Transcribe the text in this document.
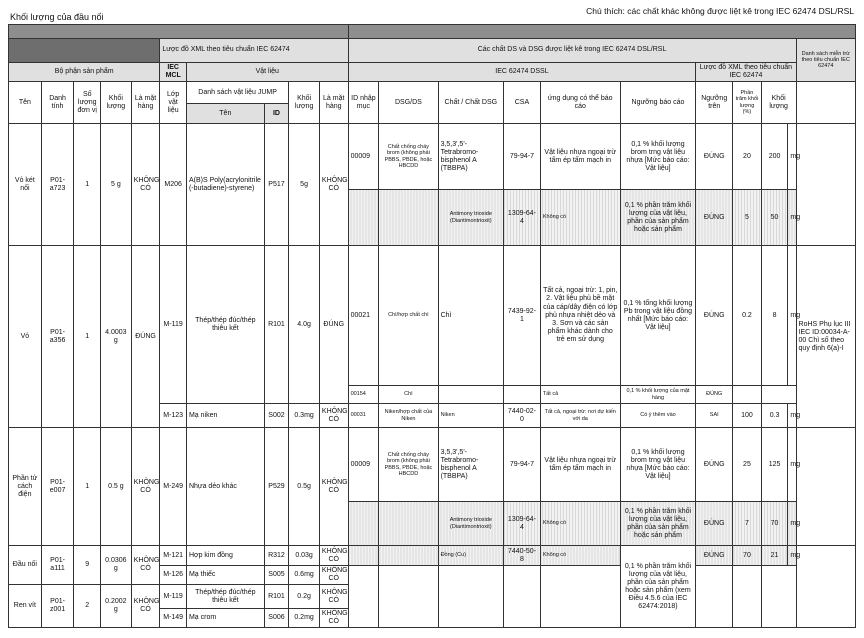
Khối lượng của đầu nối
Chú thích: các chất khác không được liệt kê trong IEC 62474 DSL/RSL

					Lược đồ XML theo tiêu chuẩn IEC 62474					Các chất DS và DSG được liệt kê trong IEC 62474 DSL/RSL										Danh sách miễn trừ theo tiêu chuẩn IEC 62474
Bộ phận sản phẩm					IEC MCL	Vật liệu				IEC 62474 DSSL						Lược đồ XML theo tiêu chuẩn IEC 62474				
Tên	Danh tính	Số lượng đơn vị	Khối lượng	Là mặt hàng	Lớp vật liệu	Danh sách vật liệu JUMP		Khối lượng	Là mặt hàng	ID nhập mục	DSG/DS	Chất / Chất DSG	CSA	ứng dụng có thể báo cáo	Ngưỡng báo cáo	Ngưỡng trên	Phần trăm khối lượng (%)	Khối lượng		
						Tên	ID													
Vỏ két nối	P01-a723	1	5 g	KHÔNG CÓ	M206	A(B)S Poly(acrylonitrile (-butadiene)-styrene)	P517	5g	KHÔNG CÓ	00009	Chất chống cháy brom (không phải PBBS, PBDE, hoặc HBCDD	3,5,3',5'-Tetrabromo-bisphenol A (TBBPA)	79-94-7	Vật liệu nhựa ngoại trừ tấm ép tấm mạch in	0,1 % khối lượng brom trng vật liệu nhựa [Mức báo cáo: Vật liệu]	ĐÚNG	20	200	mg	
												Antimony trioxide (Diantimontrioxit)	1309-64-4	Không có	0,1 % phần trăm khối lượng của vật liệu, phần của sản phẩm hoặc sản phẩm	ĐÚNG	5	50	mg	
Vỏ	P01-a356	1	4.0003 g	ĐÚNG	M-119	Thép/thép đúc/thép thiêu kết	R101	4.0g	ĐÚNG	00021	Chì/hợp chất chì	Chì	7439-92-1	Tất cả, ngoại trừ: 1, pin, 2. Vật liệu phủ bề mặt của cáp/dây điện có lớp phủ nhựa nhiệt dẻo và 3. Sơn và các sản phẩm khác dành cho trẻ em sử dụng	0,1 % tổng khối lượng Pb trong vật liệu đồng nhất [Mức báo cáo: Vật liệu]	ĐÚNG	0.2	8	mg	RoHS Phụ lục III IEC ID:00034-A-00 Chì số theo quy định 6(a)-I
										00154	Chì			Tất cả	0,1 % khối lượng của mặt hàng	ĐÚNG				
					M-123	Mạ niken	S002	0.3mg	KHÔNG CÓ	00031	Niken/hợp chất của Niken	Niken	7440-02-0	Tất cả, ngoại trừ: nơi dự kiến với da	Có ý thêm vào	SAI	100	0.3	mg	
Phần tử cách điện	P01-e007	1	0.5 g	KHÔNG CÓ	M-249	Nhựa dẻo khác	P529	0.5g	KHÔNG CÓ	00009	Chất chống cháy brom (không phải PBBS, PBDE, hoặc HBCDD	3,5,3',5'-Tetrabromo-bisphenol A (TBBPA)	79-94-7	Vật liệu nhựa ngoại trừ tấm ép tấm mạch in	0,1 % khối lượng brom trng vật liệu nhựa [Mức báo cáo: Vật liệu]	ĐÚNG	25	125	mg	
												Antimony trioxide (Diantimontrioxit)	1309-64-4	Không có	0,1 % phần trăm khối lượng của vật liệu, phần của sản phẩm hoặc sản phẩm	ĐÚNG	7	70	mg	
Đầu nối	P01-a111	9	0.0306 g	KHÔNG CÓ	M-121	Hợp kim đồng	R312	0.03g	KHÔNG CÓ			Đồng (Cu)	7440-50-8	Không có	0,1 % phần trăm khối lượng của vật liệu, phần của sản phẩm hoặc sản phẩm (xem Điều 4.5.6 của IEC 62474:2018)	ĐÚNG	70	21	mg	
					M-126	Mạ thiếc	S005	0.6mg	KHÔNG CÓ											
Ren vít	P01-z001	2	0.2002 g	KHÔNG CÓ	M-119	Thép/thép đúc/thép thiêu kết	R101	0.2g	KHÔNG CÓ											
					M-149	Mạ crom	S006	0.2mg	KHÔNG CÓ											
